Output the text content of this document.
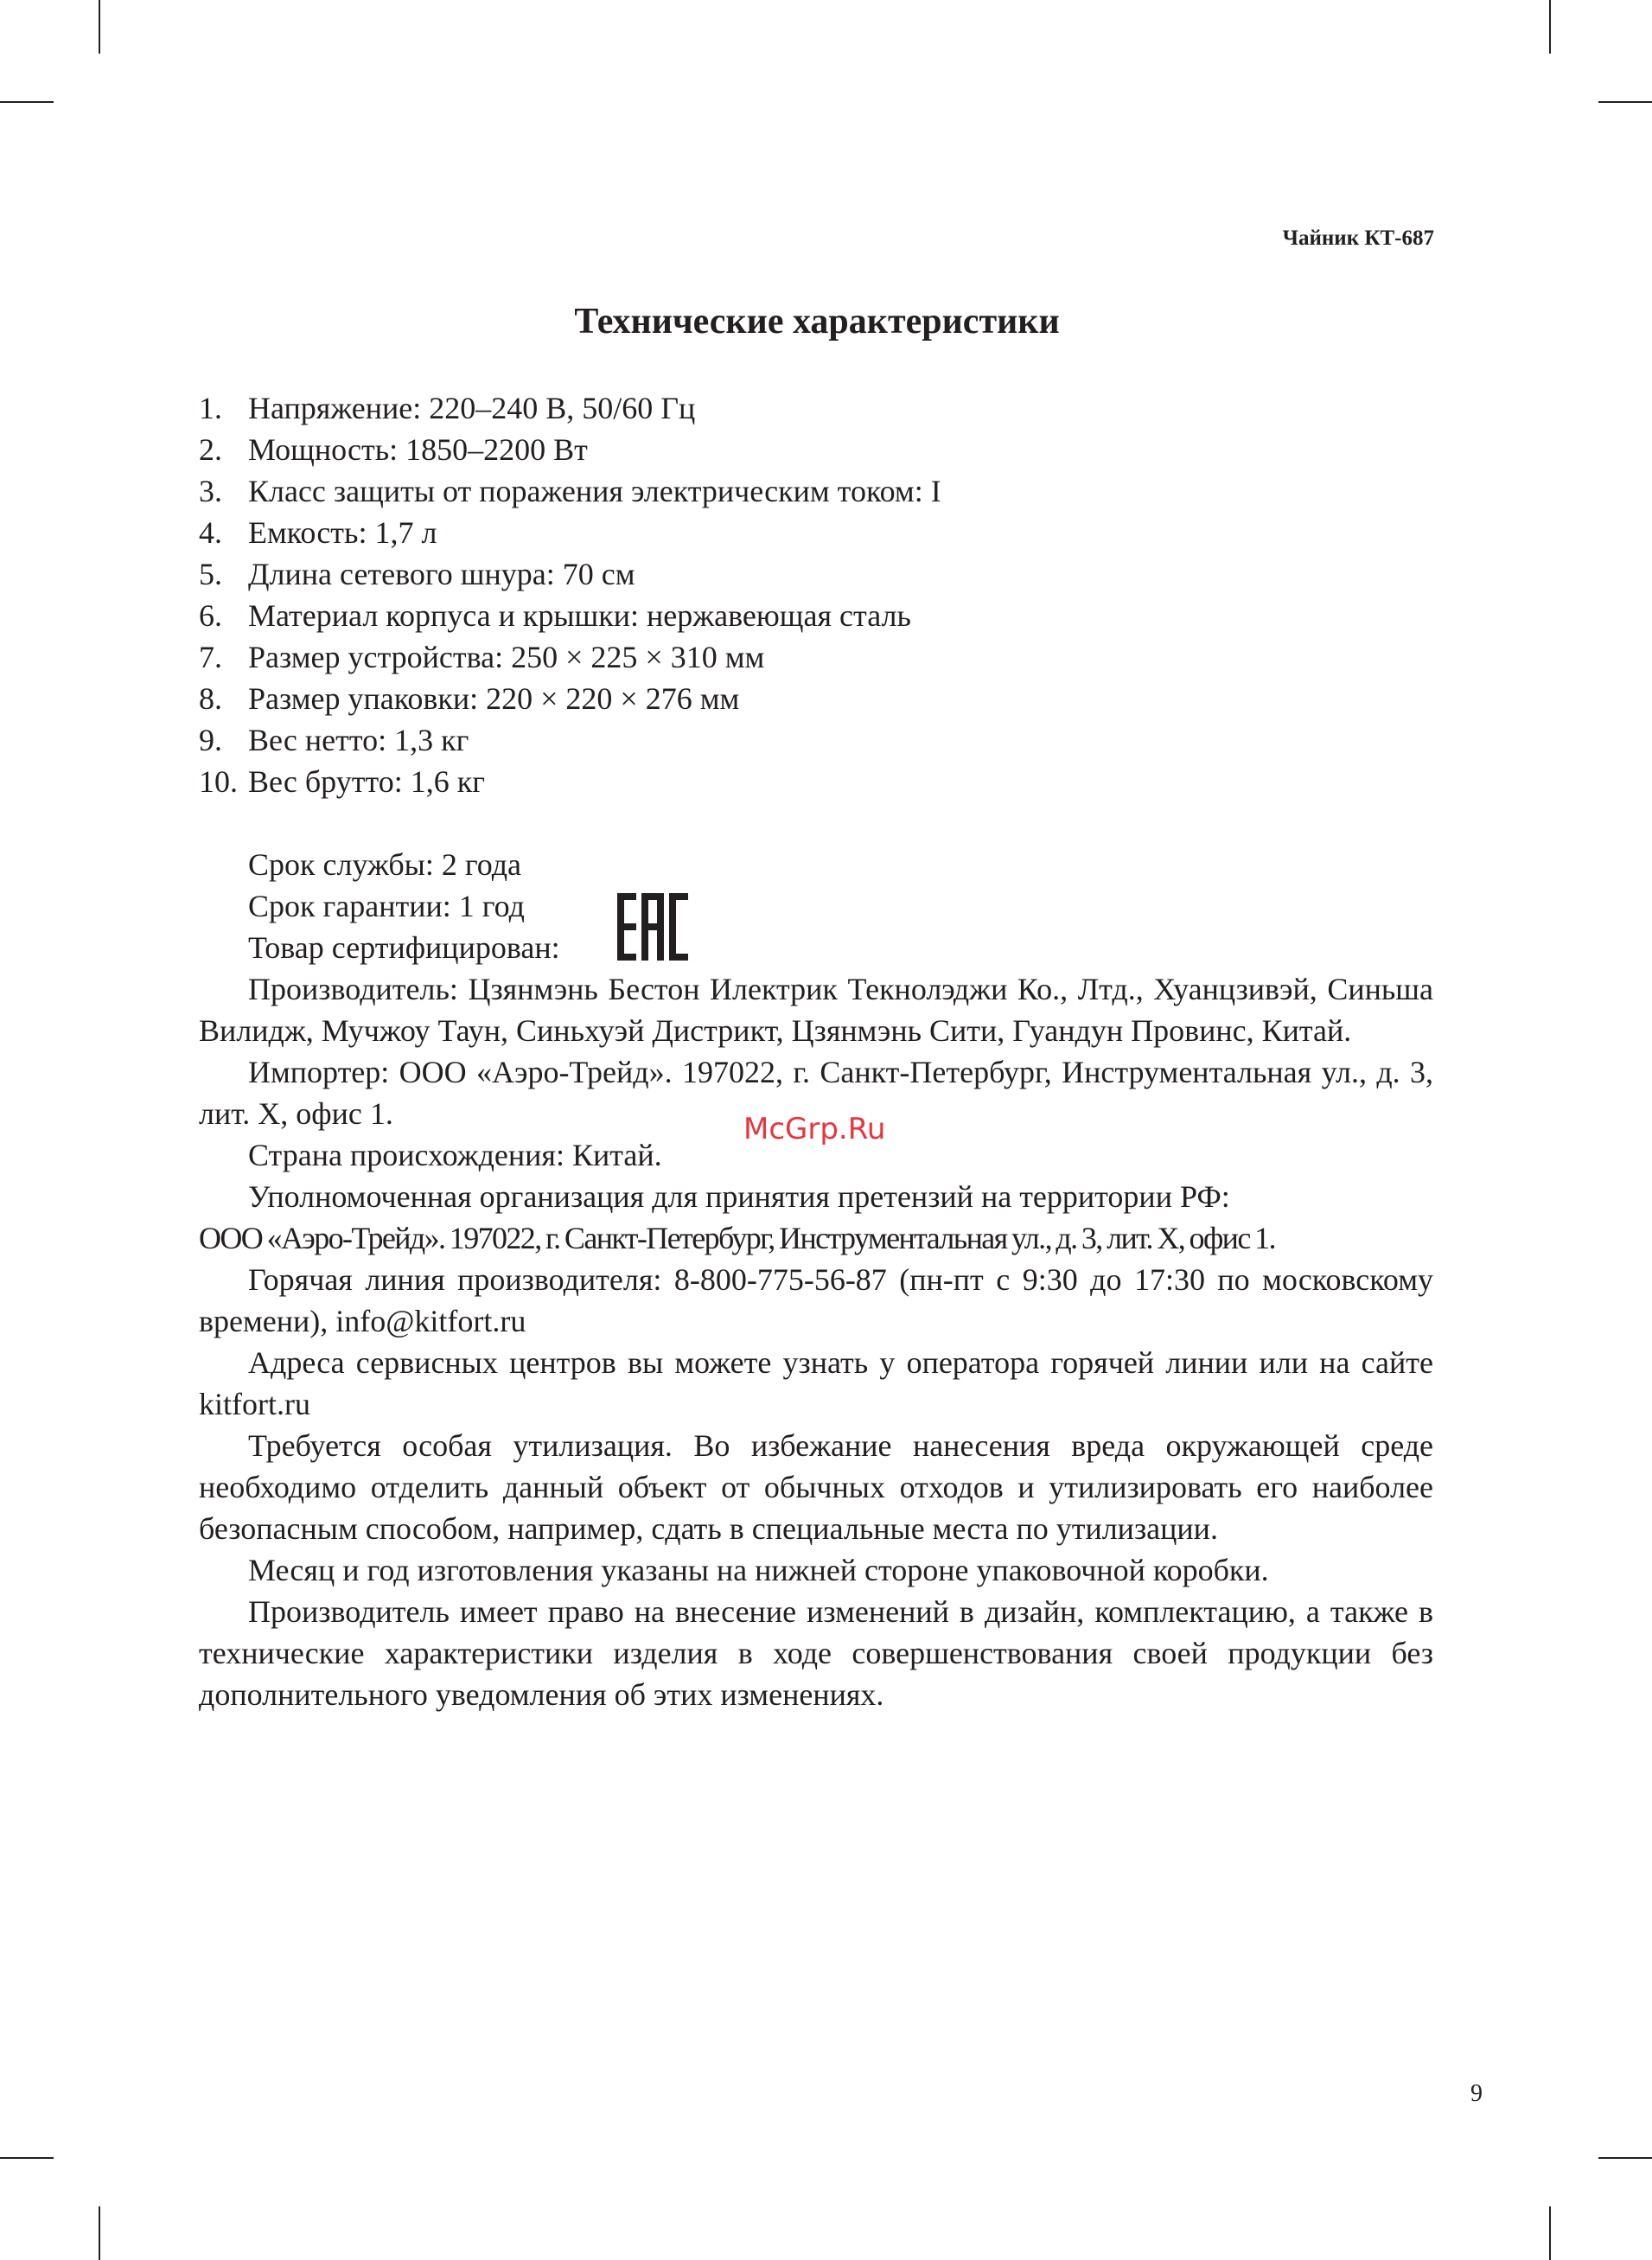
Чайник КТ-687
Технические характеристики
1. Напряжение: 220–240 В, 50/60 Гц
2. Мощность: 1850–2200 Вт
3. Класс защиты от поражения электрическим током: I
4. Емкость: 1,7 л
5. Длина сетевого шнура: 70 см
6. Материал корпуса и крышки: нержавеющая сталь
7. Размер устройства: 250 × 225 × 310 мм
8. Размер упаковки: 220 × 220 × 276 мм
9. Вес нетто: 1,3 кг
10. Вес брутто: 1,6 кг

Срок службы: 2 года

Срок гарантии: 1 год

Товар сертифицирован:

Производитель: Цзянмэнь Бестон Илектрик Текнолэджи Ко., Лтд., Хуанцзивэй, Синьша Вилидж, Мучжоу Таун, Синьхуэй Дистрикт, Цзянмэнь Сити, Гуандун Провинс, Китай.

Импортер: ООО «Аэро-Трейд». 197022, г. Санкт-Петербург, Инструментальная ул., д. 3, лит. Х, офис 1.

Страна происхождения: Китай.

Уполномоченная организация для принятия претензий на территории РФ:

ООО «Аэро-Трейд». 197022, г. Санкт-Петербург, Инструментальная ул., д. 3, лит. Х, офис 1.

Горячая линия производителя: 8-800-775-56-87 (пн-пт с 9:30 до 17:30 по московскому времени), info@kitfort.ru

Адреса сервисных центров вы можете узнать у оператора горячей линии или на сайте kitfort.ru

Требуется особая утилизация. Во избежание нанесения вреда окружающей среде необходимо отделить данный объект от обычных отходов и утилизировать его наиболее безопасным способом, например, сдать в специальные места по утилизации.

Месяц и год изготовления указаны на нижней стороне упаковочной коробки.

Производитель имеет право на внесение изменений в дизайн, комплектацию, а также в технические характеристики изделия в ходе совершенствования своей продукции без дополнительного уведомления об этих изменениях.

McGrp.Ru
9
